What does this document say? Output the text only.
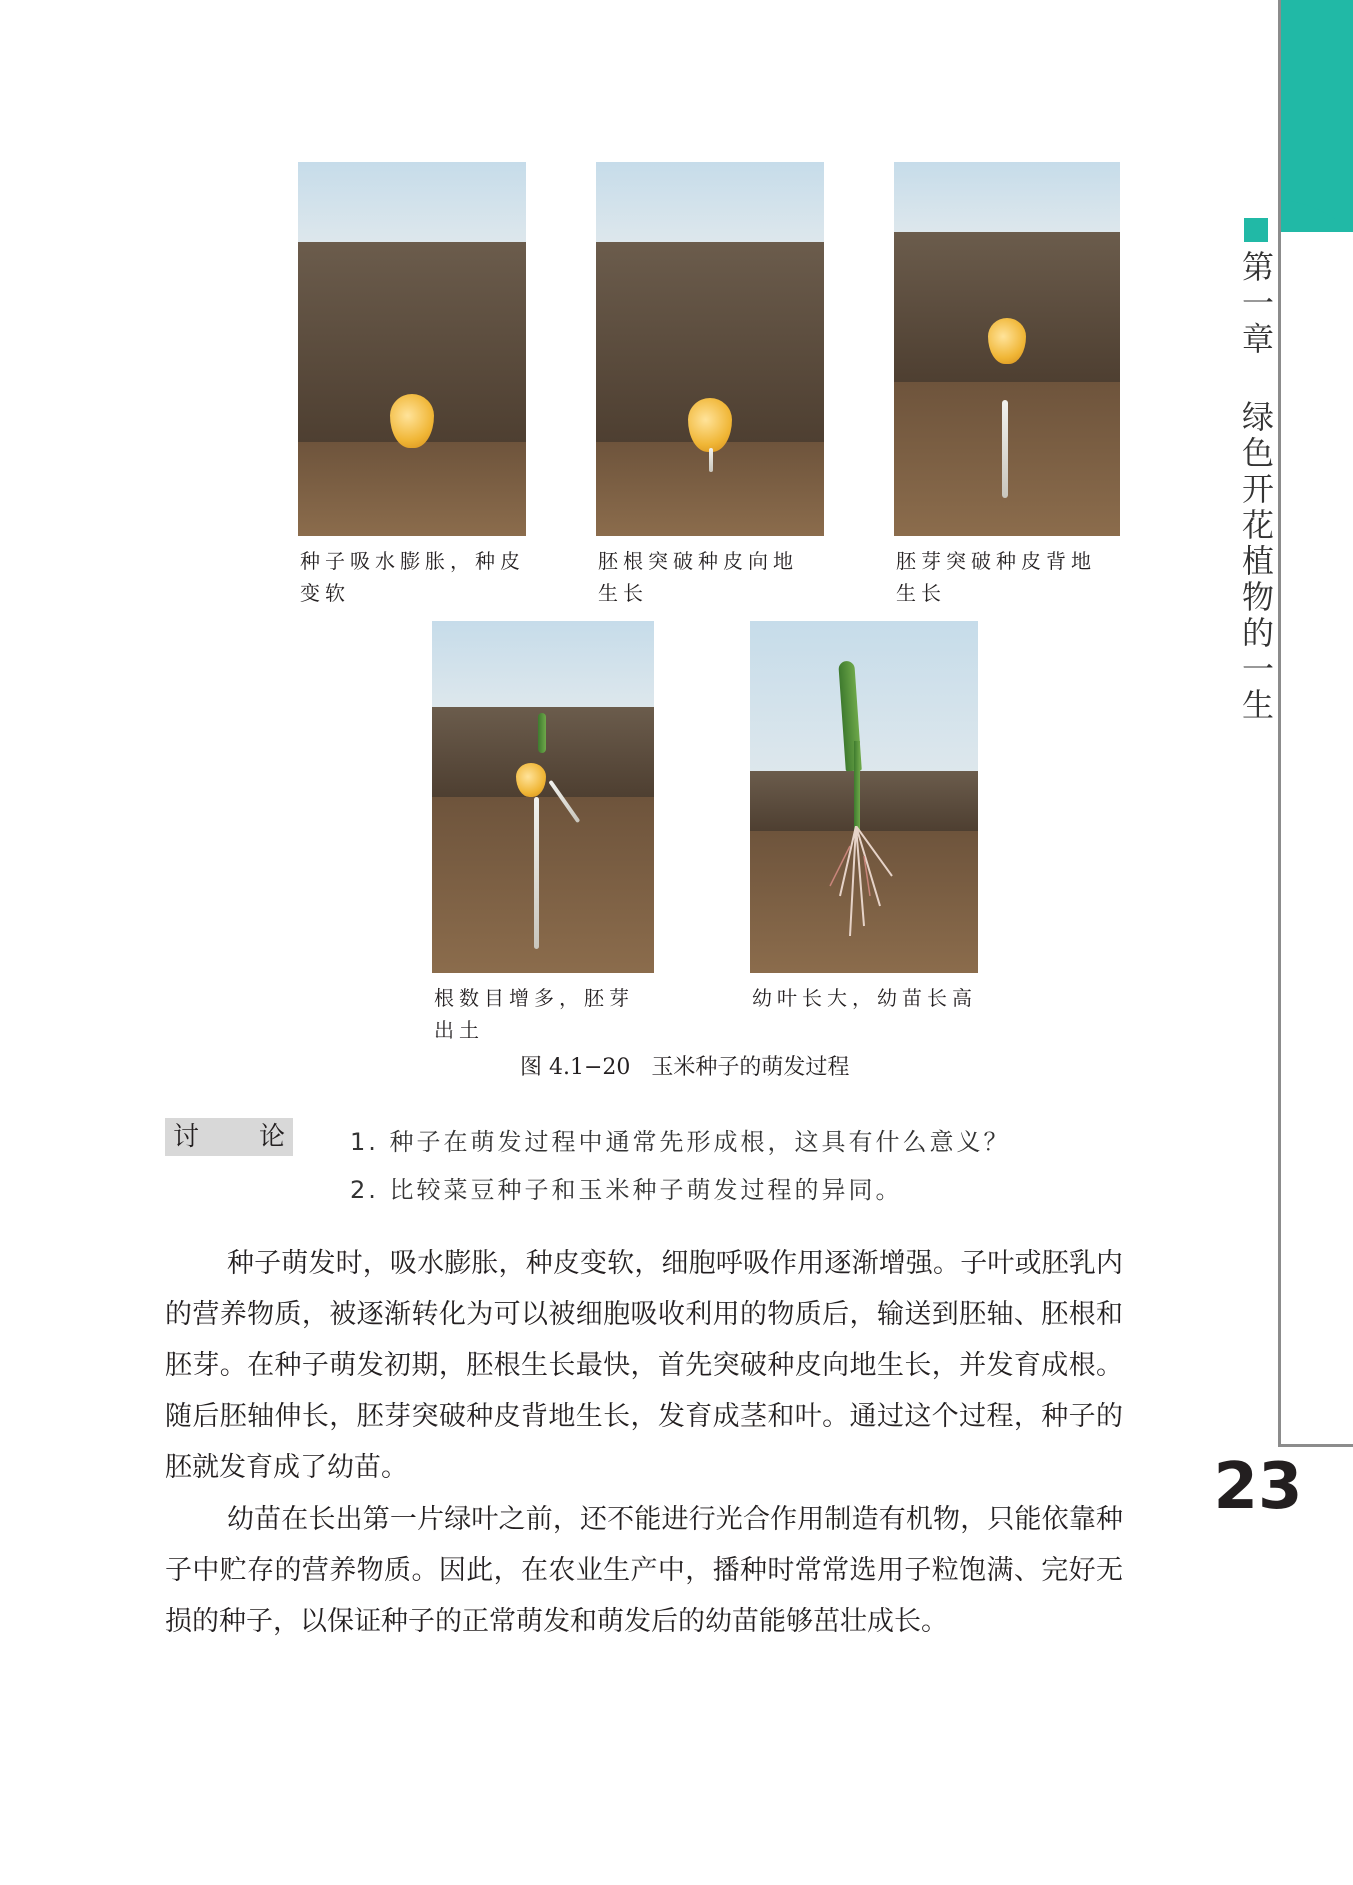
第一章 绿色开花植物的一生
23
种子吸水膨胀，种皮
变软
胚根突破种皮向地
生长
胚芽突破种皮背地
生长
根数目增多，胚芽
出土
幼叶长大，幼苗长高
图 4.1−20   玉米种子的萌发过程
讨 论	1. 种子在萌发过程中通常先形成根，这具有什么意义？
2. 比较菜豆种子和玉米种子萌发过程的异同。
种子萌发时，吸水膨胀，种皮变软，细胞呼吸作用逐渐增强。子叶或胚乳内的营养物质，被逐渐转化为可以被细胞吸收利用的物质后，输送到胚轴、胚根和胚芽。在种子萌发初期，胚根生长最快，首先突破种皮向地生长，并发育成根。随后胚轴伸长，胚芽突破种皮背地生长，发育成茎和叶。通过这个过程，种子的胚就发育成了幼苗。
幼苗在长出第一片绿叶之前，还不能进行光合作用制造有机物，只能依靠种子中贮存的营养物质。因此，在农业生产中，播种时常常选用子粒饱满、完好无损的种子，以保证种子的正常萌发和萌发后的幼苗能够茁壮成长。
